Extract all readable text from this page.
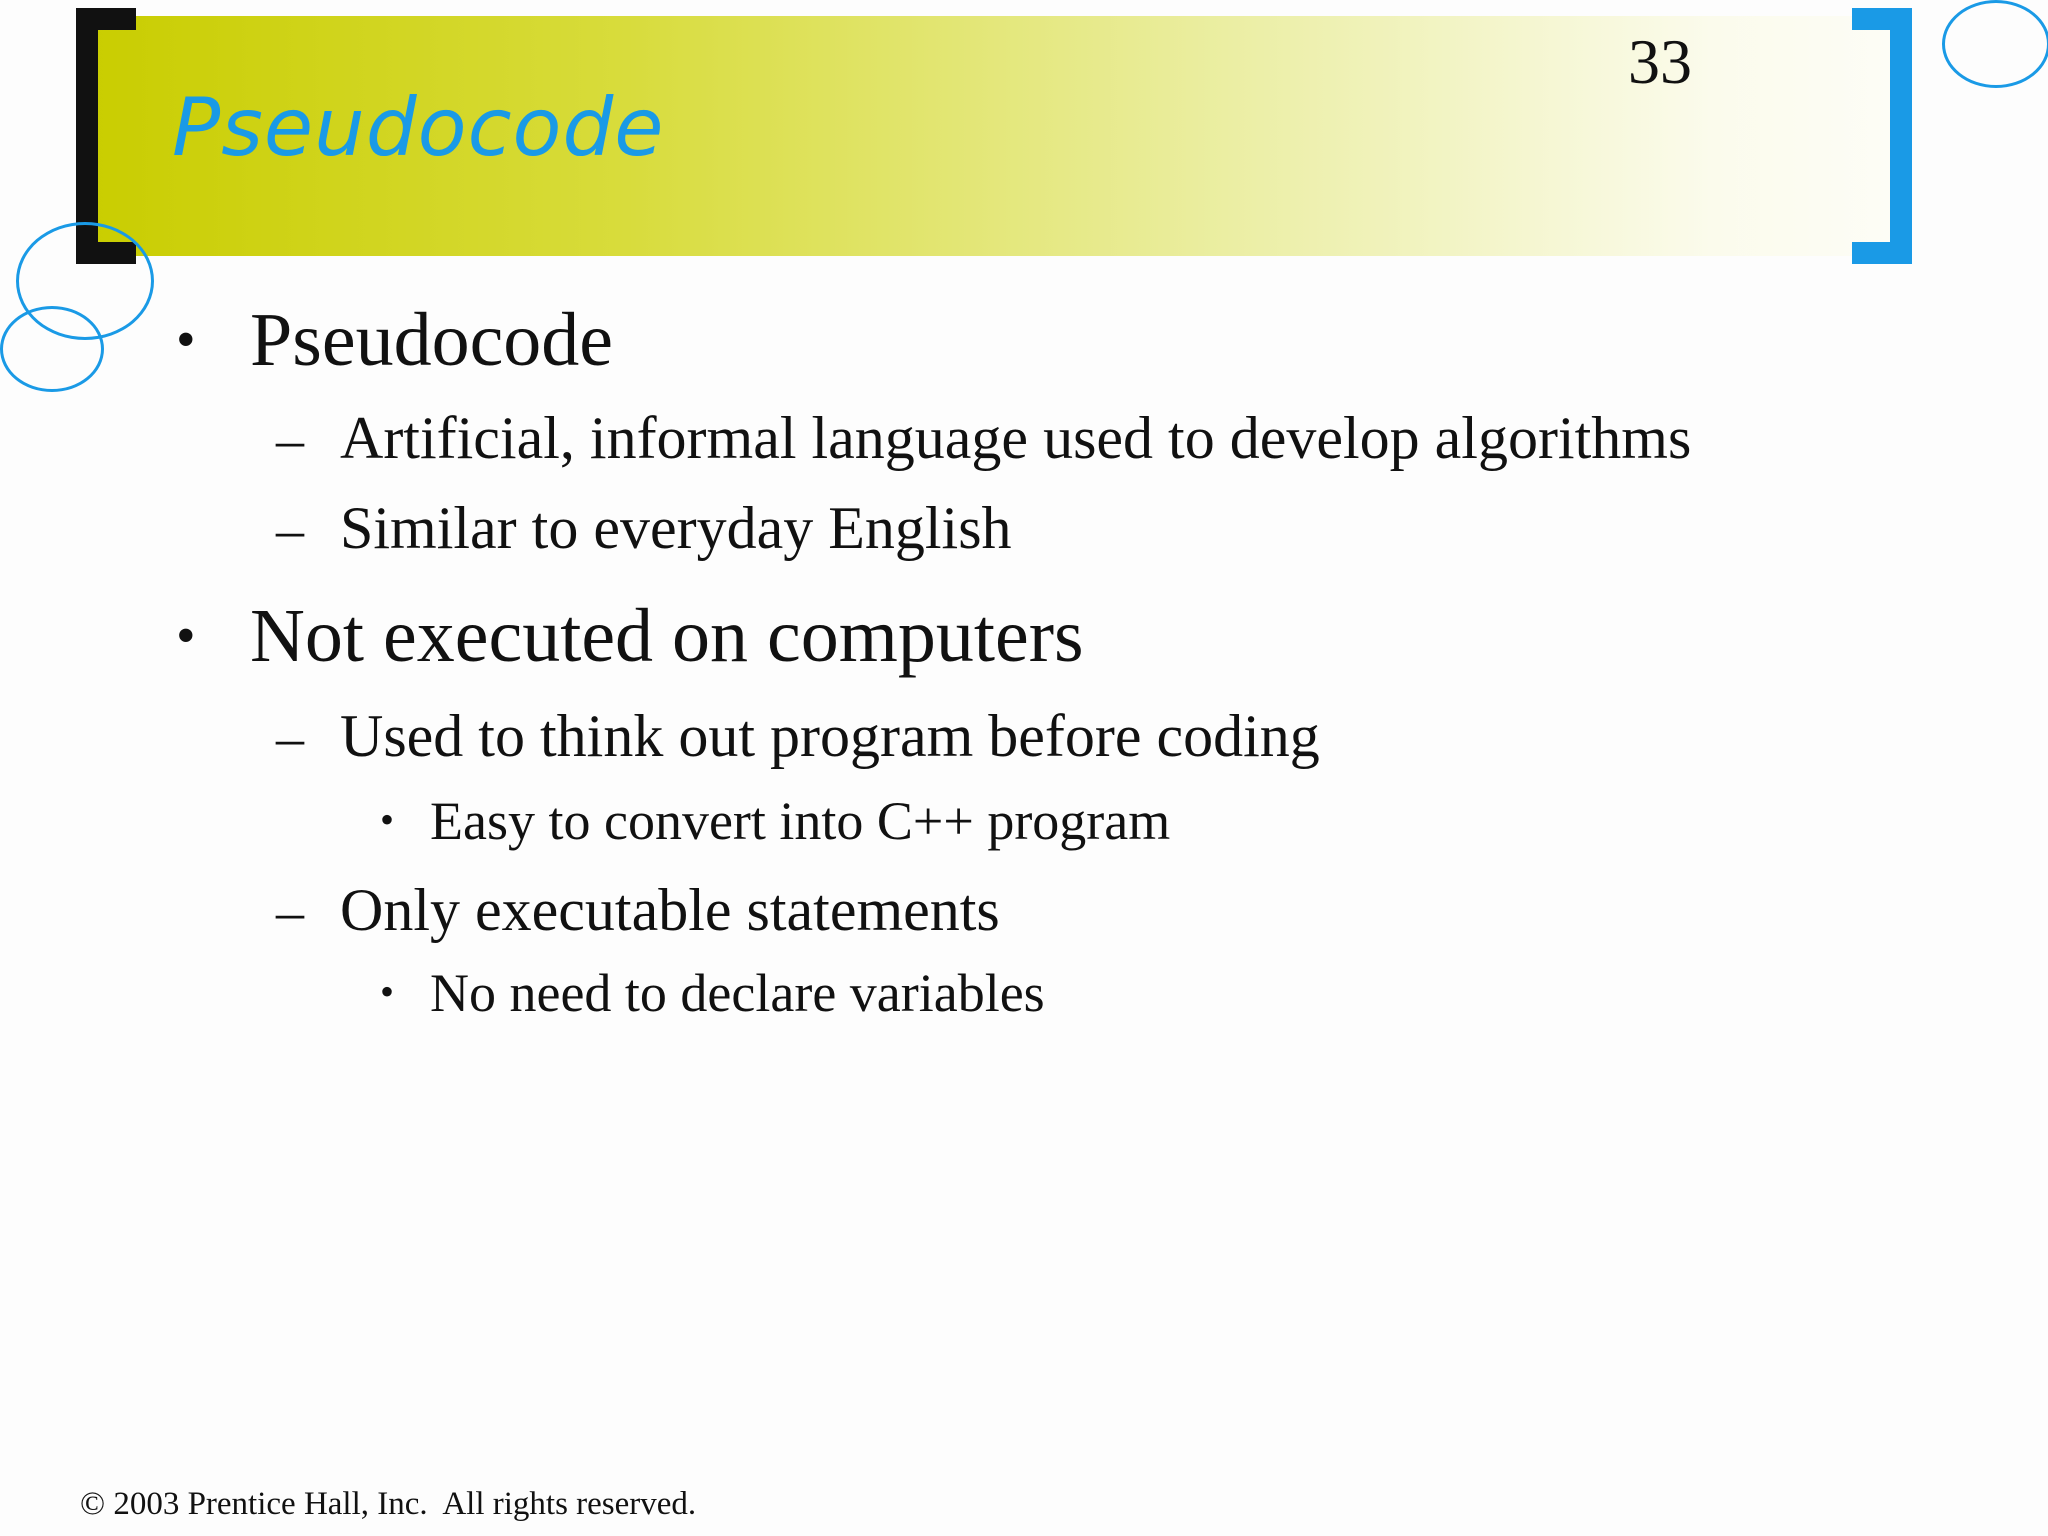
Pseudocode
33
• Pseudocode
– Artificial, informal language used to develop algorithms
– Similar to everyday English
• Not executed on computers
– Used to think out program before coding
• Easy to convert into C++ program
– Only executable statements
• No need to declare variables
© 2003 Prentice Hall, Inc.  All rights reserved.
